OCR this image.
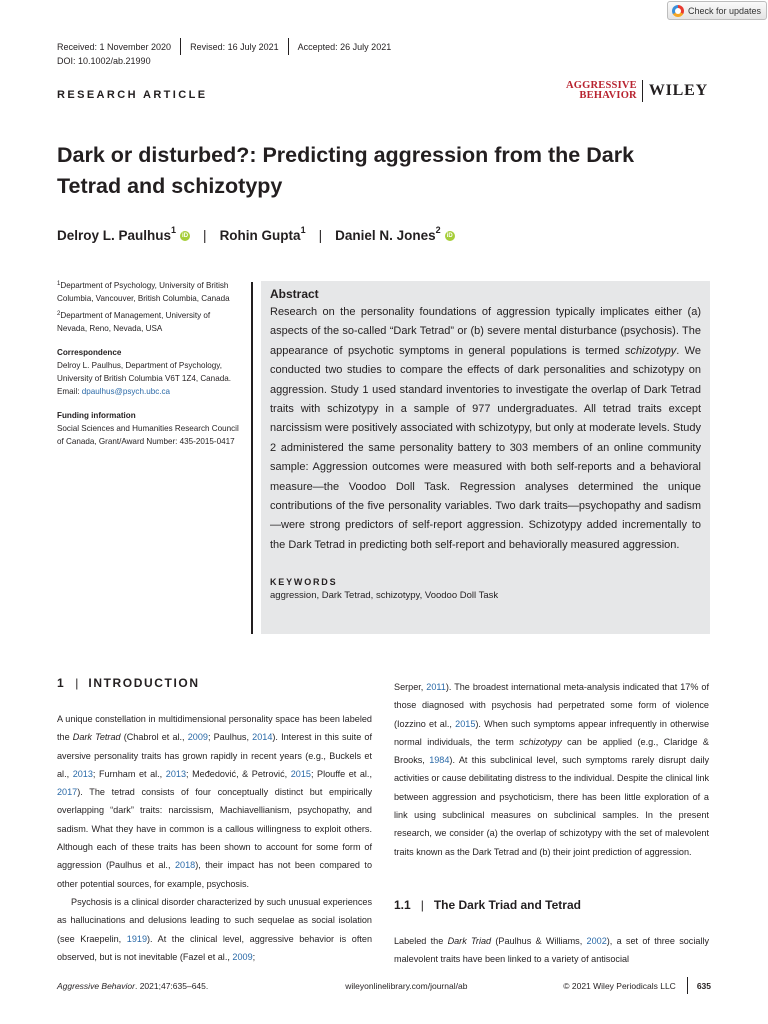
Check for updates
Received: 1 November 2020 Revised: 16 July 2021 Accepted: 26 July 2021
DOI: 10.1002/ab.21990
RESEARCH ARTICLE
AGGRESSIVE
BEHAVIOR WILEY
Dark or disturbed?: Predicting aggression from the Dark Tetrad and schizotypy
Delroy L. Paulhus$^1$
iD | Rohin Gupta$^1$ | Daniel N. Jones$^2$
iD

$^1$Department of Psychology, University of British Columbia, Vancouver, British Columbia, Canada

$^2$Department of Management, University of Nevada, Reno, Nevada, USA

Correspondence

Delroy L. Paulhus, Department of Psychology, University of British Columbia V6T 1Z4, Canada.

Email: dpaulhus@psych.ubc.ca

Funding information

Social Sciences and Humanities Research Council of Canada, Grant/Award Number: 435-2015-0417

Abstract

Research on the personality foundations of aggression typically implicates either (a) aspects of the so-called “Dark Tetrad” or (b) severe mental disturbance (psychosis). The appearance of psychotic symptoms in general populations is termed schizotypy. We conducted two studies to compare the effects of dark personalities and schizotypy on aggression. Study 1 used standard inventories to investigate the overlap of Dark Tetrad traits with schizotypy in a sample of 977 undergraduates. All tetrad traits except narcissism were positively associated with schizotypy, but only at moderate levels. Study 2 administered the same personality battery to 303 members of an online community sample: Aggression outcomes were measured with both self-reports and a behavioral measure—the Voodoo Doll Task. Regression analyses determined the unique contributions of the five personality variables. Two dark traits—psychopathy and sadism—were strong predictors of self-report aggression. Schizotypy added incrementally to the Dark Tetrad in predicting both self-report and behaviorally measured aggression.

KEYWORDS
aggression, Dark Tetrad, schizotypy, Voodoo Doll Task
1 | INTRODUCTION

A unique constellation in multidimensional personality space has been labeled the Dark Tetrad (Chabrol et al., 2009; Paulhus, 2014). Interest in this suite of aversive personality traits has grown rapidly in recent years (e.g., Buckels et al., 2013; Furnham et al., 2013; Međedović, & Petrović, 2015; Plouffe et al., 2017). The tetrad consists of four conceptually distinct but empirically overlapping “dark” traits: narcissism, Machiavellianism, psychopathy, and sadism. What they have in common is a callous willingness to exploit others. Although each of these traits has been shown to account for some form of aggression (Paulhus et al., 2018), their impact has not been compared to other potential sources, for example, psychosis.

Psychosis is a clinical disorder characterized by such unusual experiences as hallucinations and delusions leading to such sequelae as social isolation (see Kraepelin, 1919). At the clinical level, aggressive behavior is often observed, but is not inevitable (Fazel et al., 2009;

Serper, 2011). The broadest international meta-analysis indicated that 17% of those diagnosed with psychosis had perpetrated some form of violence (Iozzino et al., 2015). When such symptoms appear infrequently in otherwise normal individuals, the term schizotypy can be applied (e.g., Claridge & Brooks, 1984). At this subclinical level, such symptoms rarely disrupt daily activities or cause debilitating distress to the individual. Despite the clinical link between aggression and psychoticism, there has been little exploration of a link using subclinical measures on subclinical samples. In the present research, we consider (a) the overlap of schizotypy with the set of malevolent traits known as the Dark Tetrad and (b) their joint prediction of aggression.

1.1 | The Dark Triad and Tetrad

Labeled the Dark Triad (Paulhus & Williams, 2002), a set of three socially malevolent traits have been linked to a variety of antisocial

Aggressive Behavior. 2021;47:635–645.	wileyonlinelibrary.com/journal/ab	© 2021 Wiley Periodicals LLC 635
